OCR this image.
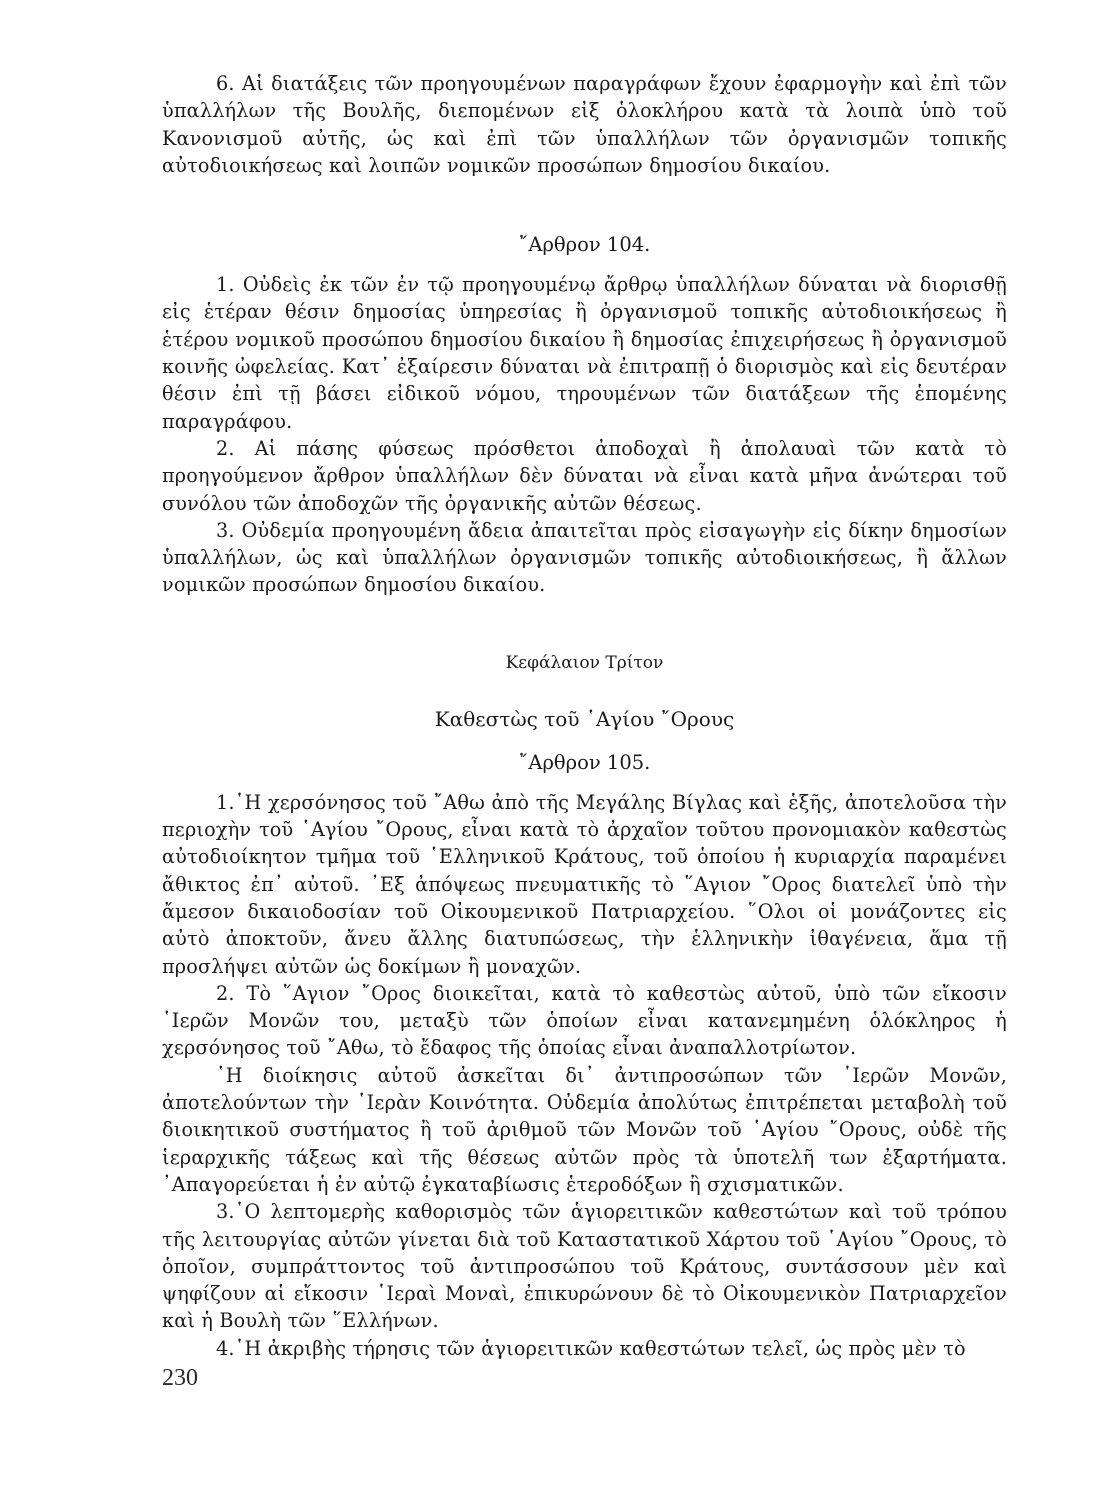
6. Αἱ διατάξεις τῶν προηγουμένων παραγράφων ἔχουν ἐφαρμογὴν καὶ ἐπὶ τῶν ὑπαλλήλων τῆς Βουλῆς, διεπομένων εἰξ ὁλοκλήρου κατὰ τὰ λοιπὰ ὑπὸ τοῦ Κανονισμοῦ αὐτῆς, ὡς καὶ ἐπὶ τῶν ὑπαλλήλων τῶν ὀργανισμῶν τοπικῆς αὐτοδιοικήσεως καὶ λοιπῶν νομικῶν προσώπων δημοσίου δικαίου.

῎Αρθρον 104.

1. Οὐδεὶς ἐκ τῶν ἐν τῷ προηγουμένῳ ἄρθρῳ ὑπαλλήλων δύναται νὰ διορισθῇ εἰς ἑτέραν θέσιν δημοσίας ὑπηρεσίας ἢ ὀργανισμοῦ τοπικῆς αὐτοδιοικήσεως ἢ ἑτέρου νομικοῦ προσώπου δημοσίου δικαίου ἢ δημοσίας ἐπιχειρήσεως ἢ ὀργανισμοῦ κοινῆς ὠφελείας. Κατ᾽ ἐξαίρεσιν δύναται νὰ ἐπιτραπῇ ὁ διορισμὸς καὶ εἰς δευτέραν θέσιν ἐπὶ τῇ βάσει εἰδικοῦ νόμου, τηρουμένων τῶν διατάξεων τῆς ἑπομένης παραγράφου.

2. Αἱ πάσης φύσεως πρόσθετοι ἀποδοχαὶ ἢ ἀπολαυαὶ τῶν κατὰ τὸ προηγούμενον ἄρθρον ὑπαλλήλων δὲν δύναται νὰ εἶναι κατὰ μῆνα ἀνώτεραι τοῦ συνόλου τῶν ἀποδοχῶν τῆς ὀργανικῆς αὐτῶν θέσεως.

3. Οὐδεμία προηγουμένη ἄδεια ἀπαιτεῖται πρὸς εἰσαγωγὴν εἰς δίκην δημοσίων ὑπαλλήλων, ὡς καὶ ὑπαλλήλων ὀργανισμῶν τοπικῆς αὐτοδιοικήσεως, ἢ ἄλλων νομικῶν προσώπων δημοσίου δικαίου.

Κεφάλαιον Τρίτον

Καθεστὼς τοῦ ῾Αγίου ῎Ορους

῎Αρθρον 105.

1.῾Η χερσόνησος τοῦ ῎Αθω ἀπὸ τῆς Μεγάλης Βίγλας καὶ ἑξῆς, ἀποτελοῦσα τὴν περιοχὴν τοῦ ῾Αγίου ῎Ορους, εἶναι κατὰ τὸ ἀρχαῖον τοῦτου προνομιακὸν καθεστὼς αὐτοδιοίκητον τμῆμα τοῦ ῾Ελληνικοῦ Κράτους, τοῦ ὁποίου ἡ κυριαρχία παραμένει ἄθικτος ἐπ᾽ αὐτοῦ. ᾽Εξ ἀπόψεως πνευματικῆς τὸ ῞Αγιον ῎Ορος διατελεῖ ὑπὸ τὴν ἄμεσον δικαιοδοσίαν τοῦ Οἰκουμενικοῦ Πατριαρχείου. ῞Ολοι οἱ μονάζοντες εἰς αὐτὸ ἀποκτοῦν, ἄνευ ἄλλης διατυπώσεως, τὴν ἑλληνικὴν ἰθαγένεια, ἅμα τῇ προσλήψει αὐτῶν ὡς δοκίμων ἢ μοναχῶν.

2. Τὸ ῞Αγιον ῎Ορος διοικεῖται, κατὰ τὸ καθεστὼς αὐτοῦ, ὑπὸ τῶν εἴκοσιν ῾Ιερῶν Μονῶν του, μεταξὺ τῶν ὁποίων εἶναι κατανεμημένη ὁλόκληρος ἡ χερσόνησος τοῦ ῎Αθω, τὸ ἔδαφος τῆς ὁποίας εἶναι ἀναπαλλοτρίωτον.

῾Η διοίκησις αὐτοῦ ἀσκεῖται δι᾽ ἀντιπροσώπων τῶν ῾Ιερῶν Μονῶν, ἀποτελούντων τὴν ῾Ιερὰν Κοινότητα. Οὐδεμία ἀπολύτως ἐπιτρέπεται μεταβολὴ τοῦ διοικητικοῦ συστήματος ἢ τοῦ ἀριθμοῦ τῶν Μονῶν τοῦ ῾Αγίου ῎Ορους, οὐδὲ τῆς ἱεραρχικῆς τάξεως καὶ τῆς θέσεως αὐτῶν πρὸς τὰ ὑποτελῆ των ἐξαρτήματα. ᾽Απαγορεύεται ἡ ἐν αὐτῷ ἐγκαταβίωσις ἑτεροδόξων ἢ σχισματικῶν.

3.῾Ο λεπτομερὴς καθορισμὸς τῶν ἁγιορειτικῶν καθεστώτων καὶ τοῦ τρόπου τῆς λειτουργίας αὐτῶν γίνεται διὰ τοῦ Καταστατικοῦ Χάρτου τοῦ ῾Αγίου ῎Ορους, τὸ ὁποῖον, συμπράττοντος τοῦ ἀντιπροσώπου τοῦ Κράτους, συντάσσουν μὲν καὶ ψηφίζουν αἱ εἴκοσιν ῾Ιεραὶ Μοναὶ, ἐπικυρώνουν δὲ τὸ Οἰκουμενικὸν Πατριαρχεῖον καὶ ἡ Βουλὴ τῶν ῞Ελλήνων.

4.῾Η ἀκριβὴς τήρησις τῶν ἁγιορειτικῶν καθεστώτων τελεῖ, ὡς πρὸς μὲν τὸ

230
